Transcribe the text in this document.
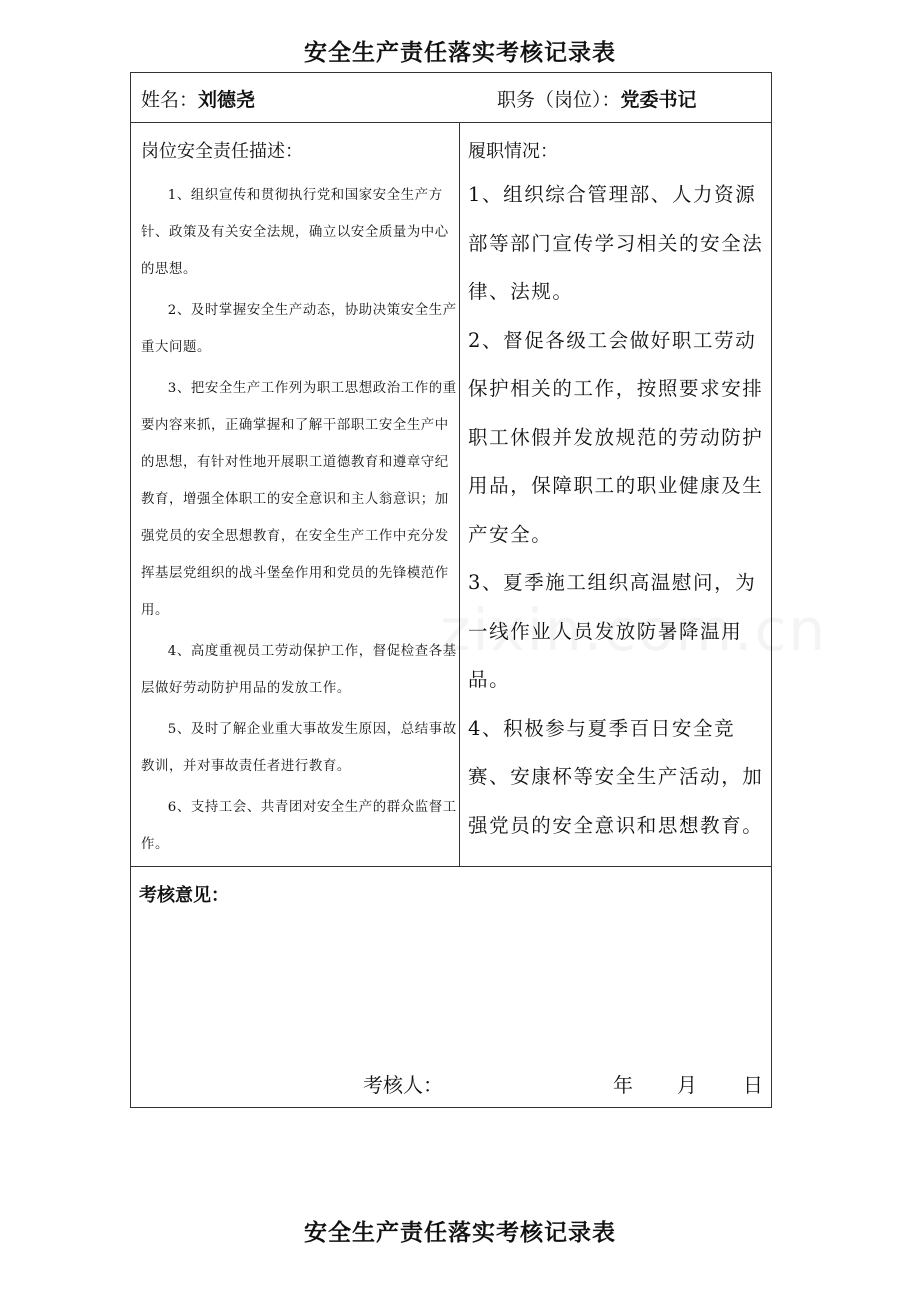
安全生产责任落实考核记录表
姓名：刘德尧	职务（岗位）：党委书记
岗位安全责任描述：

1、组织宣传和贯彻执行党和国家安全生产方针、政策及有关安全法规，确立以安全质量为中心的思想。

2、及时掌握安全生产动态，协助决策安全生产重大问题。

3、把安全生产工作列为职工思想政治工作的重要内容来抓，正确掌握和了解干部职工安全生产中的思想，有针对性地开展职工道德教育和遵章守纪教育，增强全体职工的安全意识和主人翁意识；加强党员的安全思想教育，在安全生产工作中充分发挥基层党组织的战斗堡垒作用和党员的先锋模范作用。

4、高度重视员工劳动保护工作，督促检查各基层做好劳动防护用品的发放工作。

5、及时了解企业重大事故发生原因，总结事故教训，并对事故责任者进行教育。

6、支持工会、共青团对安全生产的群众监督工作。

履职情况：

1、组织综合管理部、人力资源部等部门宣传学习相关的安全法律、法规。

2、督促各级工会做好职工劳动保护相关的工作，按照要求安排职工休假并发放规范的劳动防护用品，保障职工的职业健康及生产安全。

3、夏季施工组织高温慰问，为一线作业人员发放防暑降温用品。

4、积极参与夏季百日安全竞赛、安康杯等安全生产活动，加强党员的安全意识和思想教育。

考核意见：
考核人：	年 月 日
安全生产责任落实考核记录表
